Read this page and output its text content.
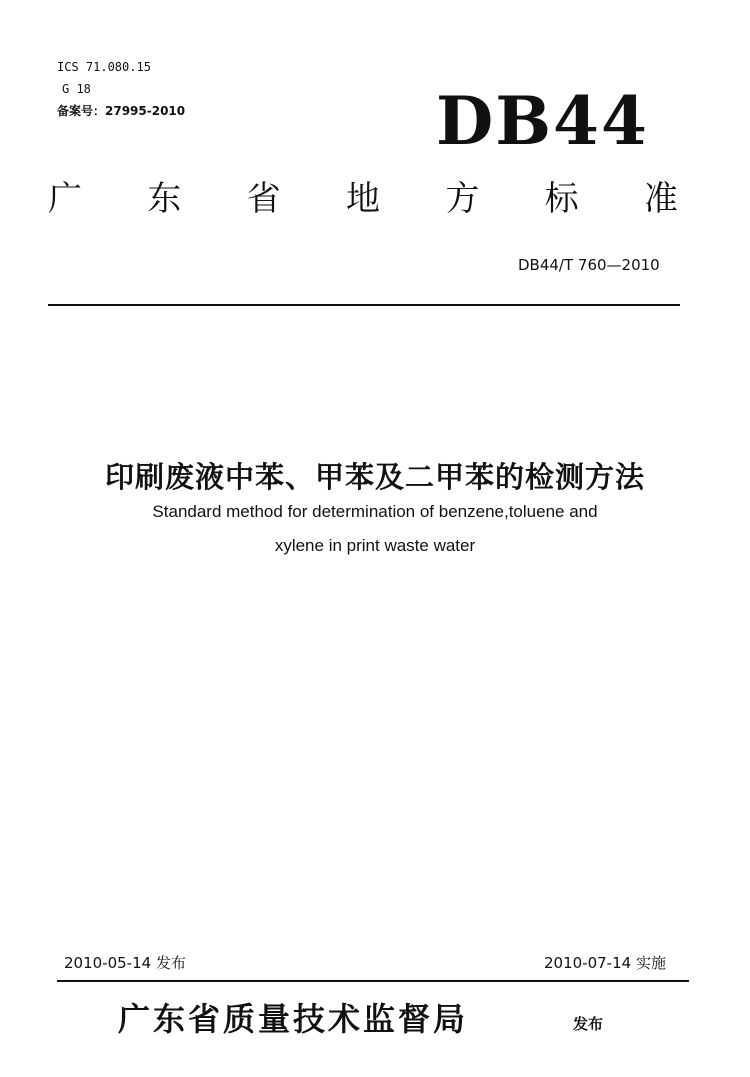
ICS 71.080.15
G 18
备案号：27995-2010	DB44
广 东 省 地 方 标 准
DB44/T 760—2010
印刷废液中苯、甲苯及二甲苯的检测方法
Standard method for determination of benzene,toluene and
xylene in print waste water
2010-05-14 发布	2010-07-14 实施
广东省质量技术监督局	发布
